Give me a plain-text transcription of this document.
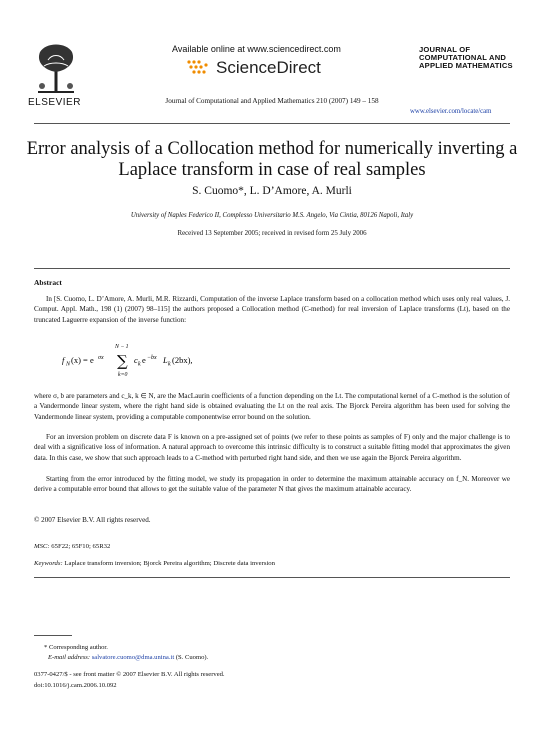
ELSEVIER
Available online at www.sciencedirect.com
ScienceDirect
Journal of Computational and Applied Mathematics 210 (2007) 149 – 158
JOURNAL OF
COMPUTATIONAL AND
APPLIED MATHEMATICS
www.elsevier.com/locate/cam
Error analysis of a Collocation method for numerically inverting a Laplace transform in case of real samples
S. Cuomo*, L. D’Amore, A. Murli
University of Naples Federico II, Complesso Universitario M.S. Angelo, Via Cintia, 80126 Napoli, Italy
Received 13 September 2005; received in revised form 25 July 2006
Abstract
In [S. Cuomo, L. D’Amore, A. Murli, M.R. Rizzardi, Computation of the inverse Laplace transform based on a collocation method which uses only real values, J. Comput. Appl. Math., 198 (1) (2007) 98–115] the authors proposed a Collocation method (C-method) for real inversion of Laplace transforms (Lt), based on the truncated Laguerre expansion of the inverse function:
f N (x) = e σx
N − 1
∑
k=0
c k e −bx L k (2bx),
where σ, b are parameters and c_k, k ∈ N, are the MacLaurin coefficients of a function depending on the Lt. The computational kernel of a C-method is the solution of a Vandermonde linear system, where the right hand side is obtained evaluating the Lt on the real axis. The Bjorck Pereira algorithm has been used for solving the Vandermonde linear system, providing a computable componentwise error bound on the solution.
For an inversion problem on discrete data F is known on a pre-assigned set of points (we refer to these points as samples of F) only and the major challenge is to deal with a significative loss of information. A natural approach to overcome this intrinsic difficulty is to construct a suitable fitting model that approximates the given data. In this case, we show that such approach leads to a C-method with perturbed right hand side, and then we use again the Bjorck Pereira algorithm.
Starting from the error introduced by the fitting model, we study its propagation in order to determine the maximum attainable accuracy on f_N. Moreover we derive a computable error bound that allows to get the suitable value of the parameter N that gives the maximum attainable accuracy.
© 2007 Elsevier B.V. All rights reserved.
MSC: 65F22; 65F10; 65R32
Keywords: Laplace transform inversion; Bjorck Pereira algorithm; Discrete data inversion
* Corresponding author.
E-mail address: salvatore.cuomo@dma.unina.it (S. Cuomo).
0377-0427/$ - see front matter © 2007 Elsevier B.V. All rights reserved.
doi:10.1016/j.cam.2006.10.092
